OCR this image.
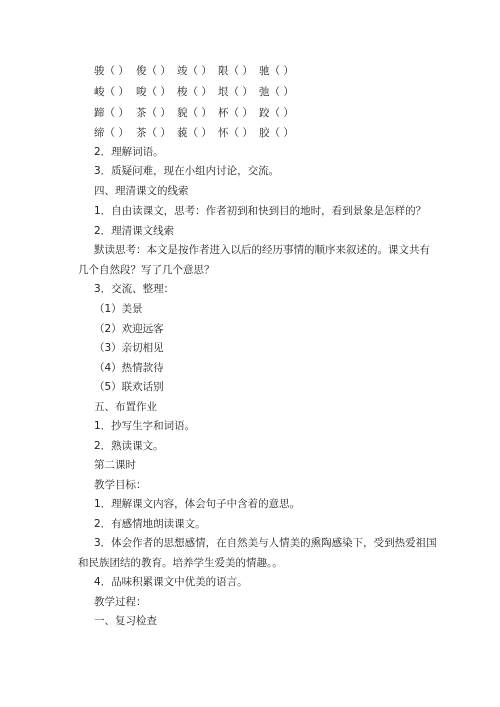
骏（ ） 俊（ ） 竣（ ） 限（ ） 驰（ ）
峻（ ） 唆（ ） 梭（ ） 垠（ ） 弛（ ）
蹄（ ） 茶（ ） 貌（ ） 杯（ ） 跤（ ）
缔（ ） 茶（ ） 藐（ ） 怀（ ） 胶（ ）
2．理解词语。
3．质疑问难，现在小组内讨论，交流。
四、理清课文的线索
1．自由读课文，思考：作者初到和快到目的地时，看到景象是怎样的？
2．理清课文线索
默读思考：本文是按作者进入以后的经历事情的顺序来叙述的。课文共有
几个自然段？写了几个意思？
3．交流、整理：
（1）美景
（2）欢迎远客
（3）亲切相见
（4）热情款待
（5）联欢话别
五、布置作业
1．抄写生字和词语。
2．熟读课文。
第二课时
教学目标：
1．理解课文内容，体会句子中含着的意思。
2．有感情地朗读课文。
3．体会作者的思想感情，在自然美与人情美的熏陶感染下，受到热爱祖国
和民族团结的教育。培养学生爱美的情趣。。
4．品味积累课文中优美的语言。
教学过程：
一、复习检查
